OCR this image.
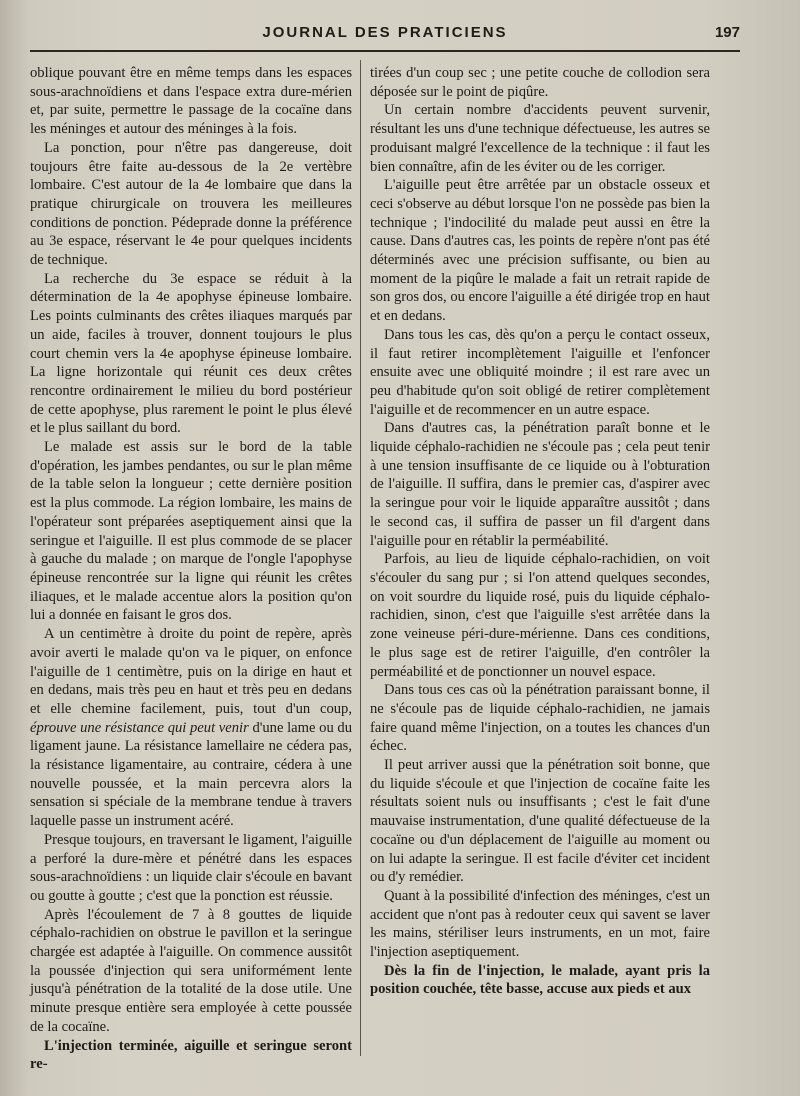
JOURNAL DES PRATICIENS	197

oblique pouvant être en même temps dans les espaces sous-arachnoïdiens et dans l'espace extra dure-mérien et, par suite, permettre le passage de la cocaïne dans les méninges et autour des méninges à la fois.

La ponction, pour n'être pas dangereuse, doit toujours être faite au-dessous de la 2e vertèbre lombaire. C'est autour de la 4e lombaire que dans la pratique chirurgicale on trouvera les meilleures conditions de ponction. Pédeprade donne la préférence au 3e espace, réservant le 4e pour quelques incidents de technique.

La recherche du 3e espace se réduit à la détermination de la 4e apophyse épineuse lombaire. Les points culminants des crêtes iliaques marqués par un aide, faciles à trouver, donnent toujours le plus court chemin vers la 4e apophyse épineuse lombaire. La ligne horizontale qui réunit ces deux crêtes rencontre ordinairement le milieu du bord postérieur de cette apophyse, plus rarement le point le plus élevé et le plus saillant du bord.

Le malade est assis sur le bord de la table d'opération, les jambes pendantes, ou sur le plan même de la table selon la longueur ; cette dernière position est la plus commode. La région lombaire, les mains de l'opérateur sont préparées aseptiquement ainsi que la seringue et l'aiguille. Il est plus commode de se placer à gauche du malade ; on marque de l'ongle l'apophyse épineuse rencontrée sur la ligne qui réunit les crêtes iliaques, et le malade accentue alors la position qu'on lui a donnée en faisant le gros dos.

A un centimètre à droite du point de repère, après avoir averti le malade qu'on va le piquer, on enfonce l'aiguille de 1 centimètre, puis on la dirige en haut et en dedans, mais très peu en haut et très peu en dedans et elle chemine facilement, puis, tout d'un coup, éprouve une résistance qui peut venir d'une lame ou du ligament jaune. La résistance lamellaire ne cédera pas, la résistance ligamentaire, au contraire, cédera à une nouvelle poussée, et la main percevra alors la sensation si spéciale de la membrane tendue à travers laquelle passe un instrument acéré.

Presque toujours, en traversant le ligament, l'aiguille a perforé la dure-mère et pénétré dans les espaces sous-arachnoïdiens : un liquide clair s'écoule en bavant ou goutte à goutte ; c'est que la ponction est réussie.

Après l'écoulement de 7 à 8 gouttes de liquide céphalo-rachidien on obstrue le pavillon et la seringue chargée est adaptée à l'aiguille. On commence aussitôt la poussée d'injection qui sera uniformément lente jusqu'à pénétration de la totalité de la dose utile. Une minute presque entière sera employée à cette poussée de la cocaïne.

L'injection terminée, aiguille et seringue seront re-

tirées d'un coup sec ; une petite couche de collodion sera déposée sur le point de piqûre.

Un certain nombre d'accidents peuvent survenir, résultant les uns d'une technique défectueuse, les autres se produisant malgré l'excellence de la technique : il faut les bien connaître, afin de les éviter ou de les corriger.

L'aiguille peut être arrêtée par un obstacle osseux et ceci s'observe au début lorsque l'on ne possède pas bien la technique ; l'indocilité du malade peut aussi en être la cause. Dans d'autres cas, les points de repère n'ont pas été déterminés avec une précision suffisante, ou bien au moment de la piqûre le malade a fait un retrait rapide de son gros dos, ou encore l'aiguille a été dirigée trop en haut et en dedans.

Dans tous les cas, dès qu'on a perçu le contact osseux, il faut retirer incomplètement l'aiguille et l'enfoncer ensuite avec une obliquité moindre ; il est rare avec un peu d'habitude qu'on soit obligé de retirer complètement l'aiguille et de recommencer en un autre espace.

Dans d'autres cas, la pénétration paraît bonne et le liquide céphalo-rachidien ne s'écoule pas ; cela peut tenir à une tension insuffisante de ce liquide ou à l'obturation de l'aiguille. Il suffira, dans le premier cas, d'aspirer avec la seringue pour voir le liquide apparaître aussitôt ; dans le second cas, il suffira de passer un fil d'argent dans l'aiguille pour en rétablir la perméabilité.

Parfois, au lieu de liquide céphalo-rachidien, on voit s'écouler du sang pur ; si l'on attend quelques secondes, on voit sourdre du liquide rosé, puis du liquide céphalo-rachidien, sinon, c'est que l'aiguille s'est arrêtée dans la zone veineuse péri-dure-mérienne. Dans ces conditions, le plus sage est de retirer l'aiguille, d'en contrôler la perméabilité et de ponctionner un nouvel espace.

Dans tous ces cas où la pénétration paraissant bonne, il ne s'écoule pas de liquide céphalo-rachidien, ne jamais faire quand même l'injection, on a toutes les chances d'un échec.

Il peut arriver aussi que la pénétration soit bonne, que du liquide s'écoule et que l'injection de cocaïne faite les résultats soient nuls ou insuffisants ; c'est le fait d'une mauvaise instrumentation, d'une qualité défectueuse de la cocaïne ou d'un déplacement de l'aiguille au moment ou on lui adapte la seringue. Il est facile d'éviter cet incident ou d'y remédier.

Quant à la possibilité d'infection des méninges, c'est un accident que n'ont pas à redouter ceux qui savent se laver les mains, stériliser leurs instruments, en un mot, faire l'injection aseptiquement.

Dès la fin de l'injection, le malade, ayant pris la position couchée, tête basse, accuse aux pieds et aux
